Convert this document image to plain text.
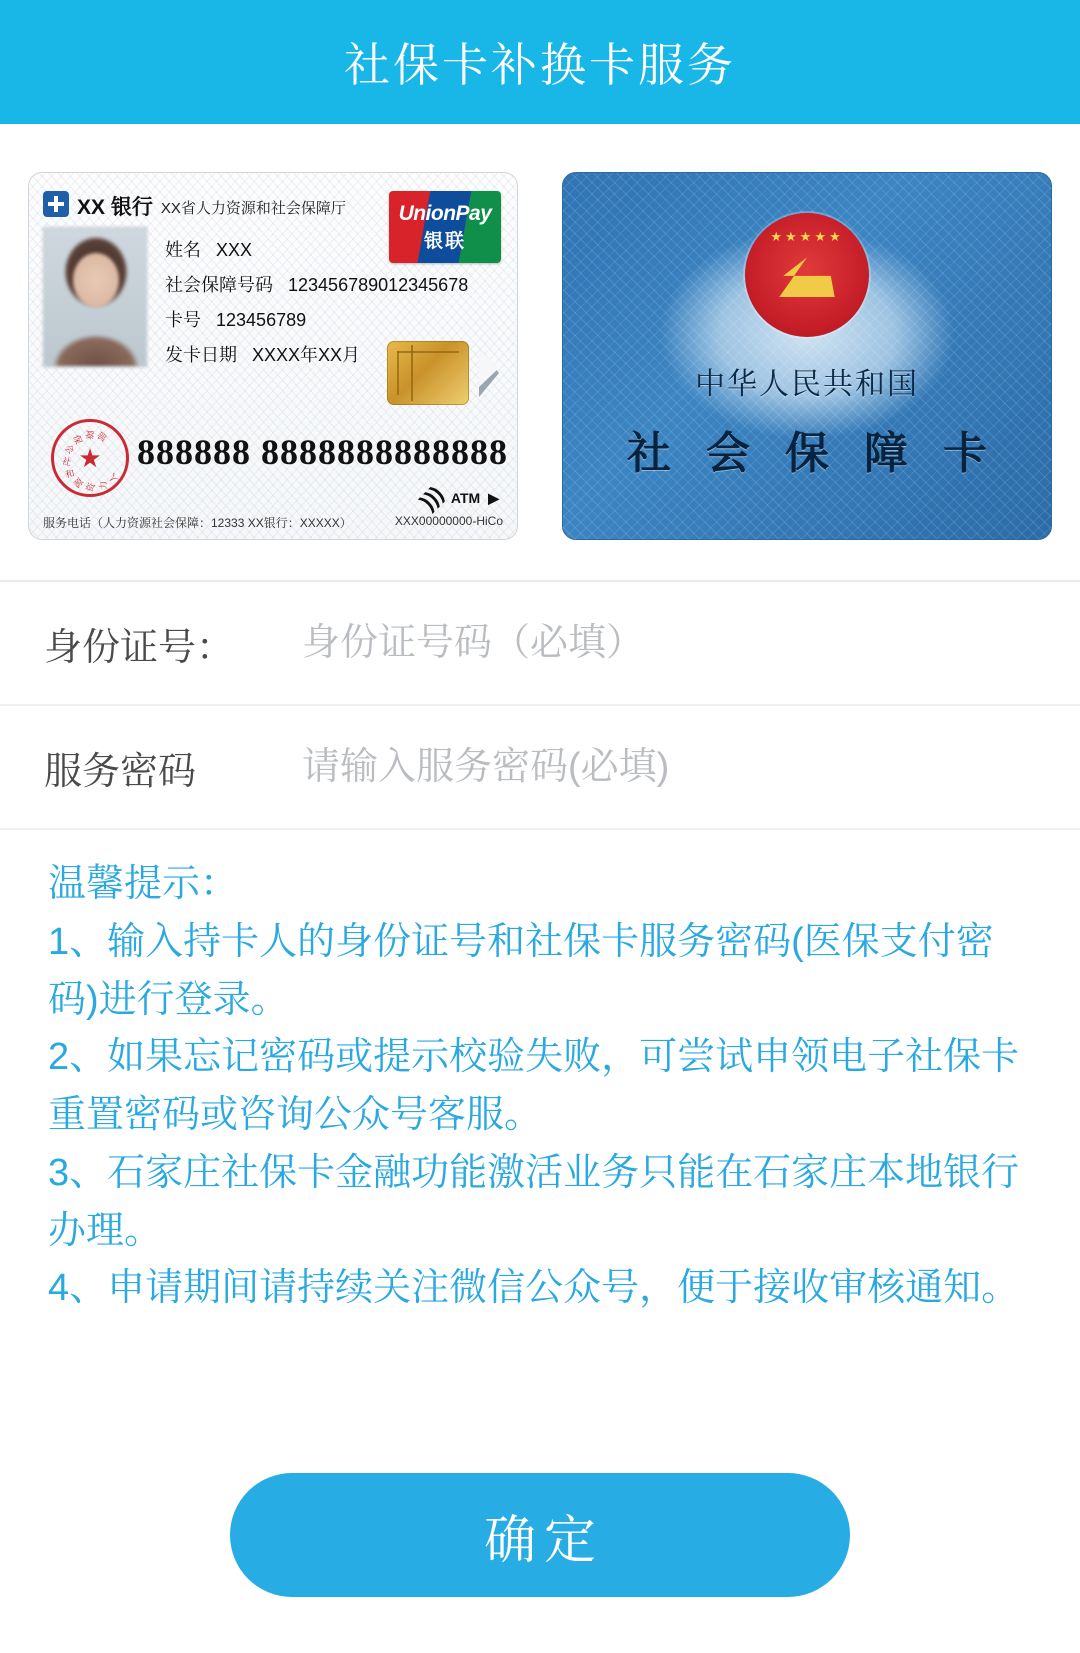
社保卡补换卡服务
XX 银行 XX省人力资源和社会保障厅	UnionPay
银联
姓名 XXX
社会保障号码 123456789012345678
卡号 123456789
发卡日期 XXXX年XX月
★
人
力
资
源
和
社
会
保 障 部 888888 8888888888888
))) ATM ▶
服务电话（人力资源社会保障：12333 XX银行：XXXXX）	XXX00000000-HiCo
★★★★★
中华人民共和国
社 会 保 障 卡
身份证号：
身份证号码（必填）
服务密码

温馨提示：

1、输入持卡人的身份证号和社保卡服务密码(医保支付密码)进行登录。

2、如果忘记密码或提示校验失败，可尝试申领电子社保卡重置密码或咨询公众号客服。

3、石家庄社保卡金融功能激活业务只能在石家庄本地银行办理。

4、申请期间请持续关注微信公众号，便于接收审核通知。

确定
